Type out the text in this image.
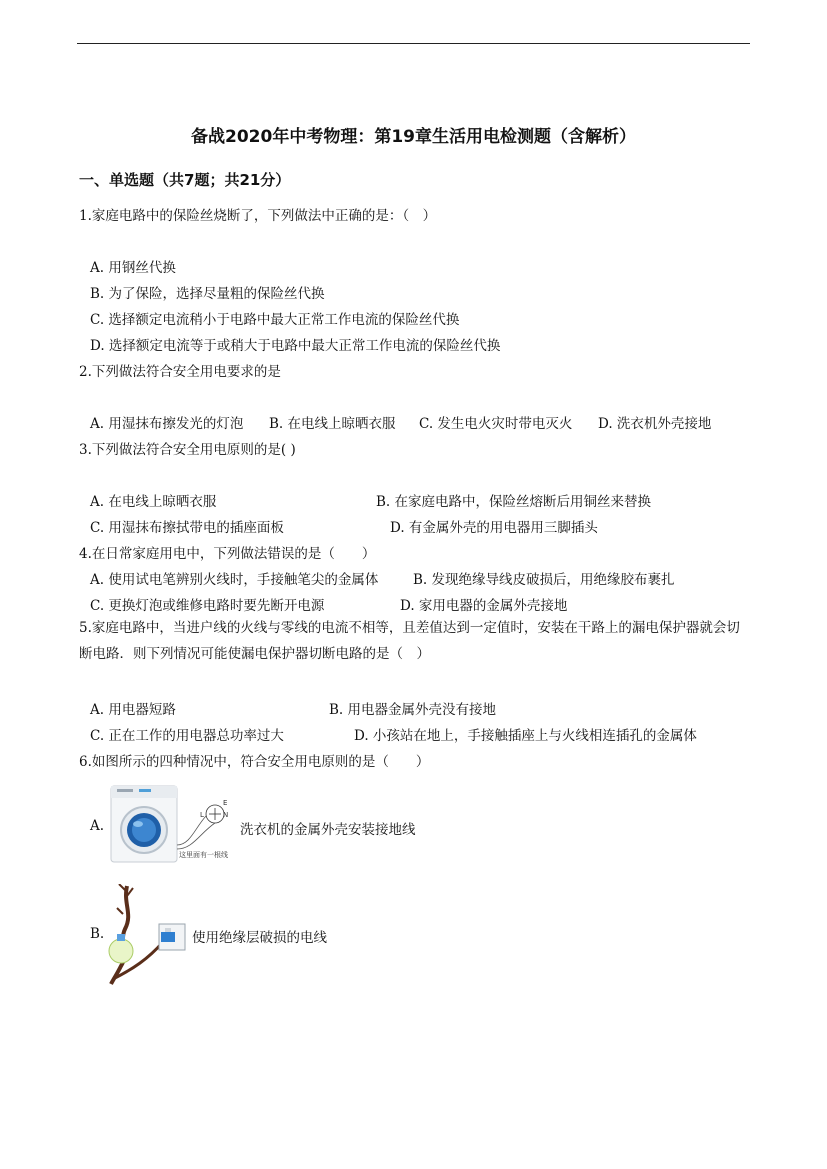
备战2020年中考物理：第19章生活用电检测题（含解析）
一、单选题（共7题；共21分）
1.家庭电路中的保险丝烧断了，下列做法中正确的是：（　）
A. 用钢丝代换
B. 为了保险，选择尽量粗的保险丝代换
C. 选择额定电流稍小于电路中最大正常工作电流的保险丝代换
D. 选择额定电流等于或稍大于电路中最大正常工作电流的保险丝代换
2.下列做法符合安全用电要求的是
A. 用湿抹布擦发光的灯泡 B. 在电线上晾晒衣服 C. 发生电火灾时带电灭火 D. 洗衣机外壳接地
3.下列做法符合安全用电原则的是( )
A. 在电线上晾晒衣服	B. 在家庭电路中，保险丝熔断后用铜丝来替换
C. 用湿抹布擦拭带电的插座面板	D. 有金属外壳的用电器用三脚插头
4.在日常家庭用电中，下列做法错误的是（　　）
A. 使用试电笔辨别火线时，手接触笔尖的金属体	B. 发现绝缘导线皮破损后，用绝缘胶布裹扎
C. 更换灯泡或维修电路时要先断开电源	D. 家用电器的金属外壳接地
5.家庭电路中，当进户线的火线与零线的电流不相等，且差值达到一定值时，安装在干路上的漏电保护器就会切断电路．则下列情况可能使漏电保护器切断电路的是（　）
A. 用电器短路	B. 用电器金属外壳没有接地
C. 正在工作的用电器总功率过大	D. 小孩站在地上，手接触插座上与火线相连插孔的金属体
6.如图所示的四种情况中，符合安全用电原则的是（　　）
A.
E
N
L
这里面有一根线
洗衣机的金属外壳安装接地线
B.	使用绝缘层破损的电线
